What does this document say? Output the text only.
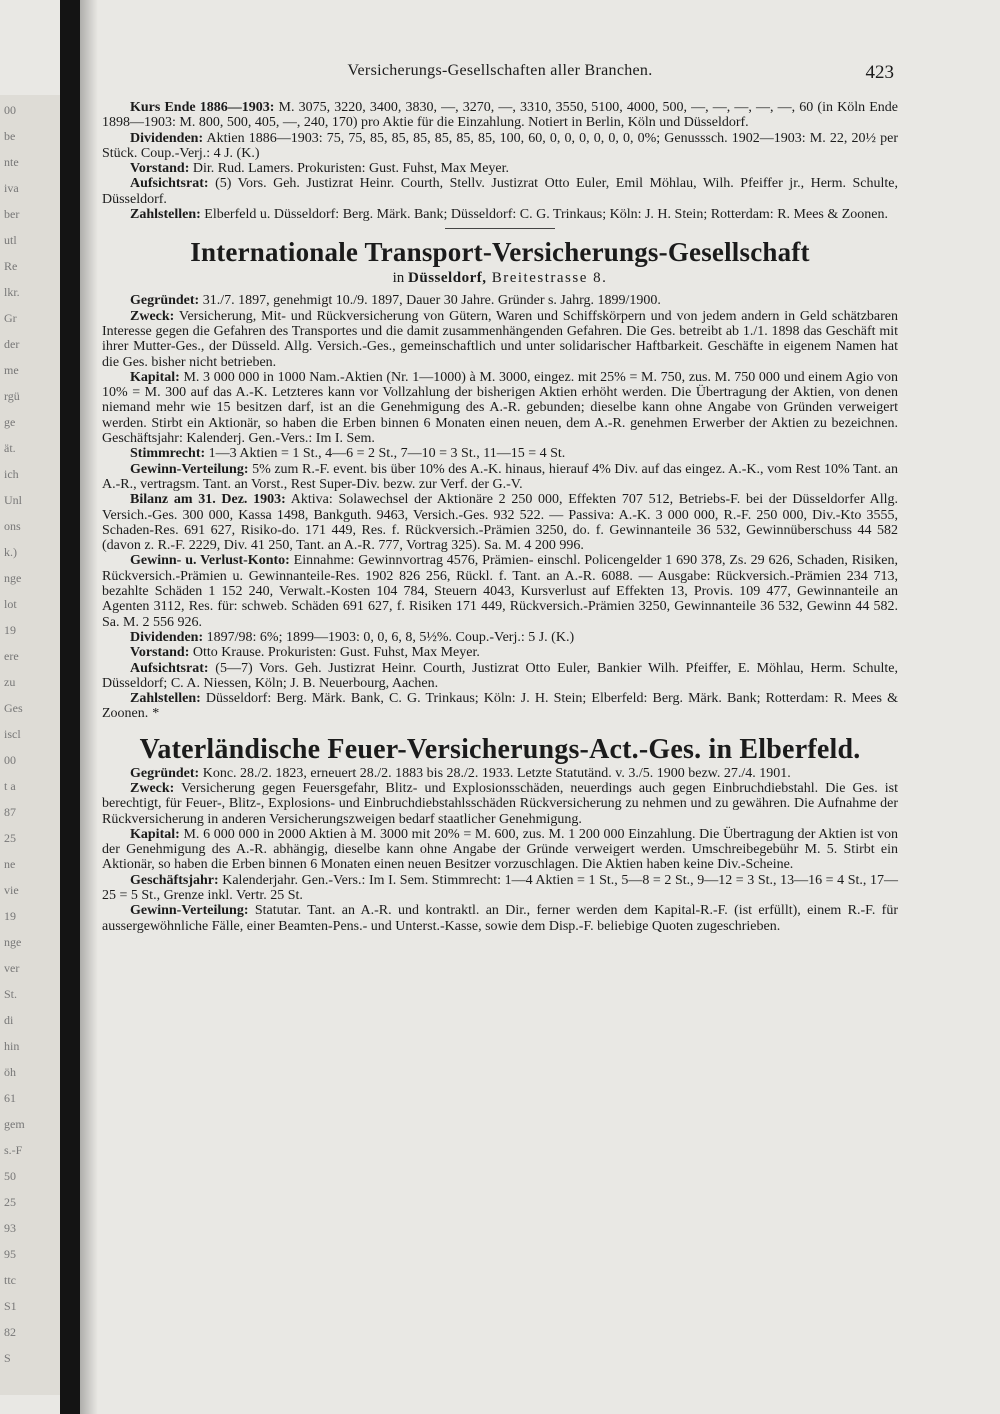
00
be
nte
iva
ber
utl
Re
lkr.
Gr
der
me
rgü
ge
ät.
ich
Unl
ons
k.)
nge
lot
19
ere
zu
Ges
iscl
00
t a
87
25
ne
vie
19
nge
ver
St.
di
hin
öh
61
gem
s.-F
50
25
93
95
ttc
S1
82
S
Versicherungs-Gesellschaften aller Branchen.	423

Kurs Ende 1886—1903: M. 3075, 3220, 3400, 3830, —, 3270, —, 3310, 3550, 5100, 4000, 500, —, —, —, —, —, 60 (in Köln Ende 1898—1903: M. 800, 500, 405, —, 240, 170) pro Aktie für die Einzahlung. Notiert in Berlin, Köln und Düsseldorf.

Dividenden: Aktien 1886—1903: 75, 75, 85, 85, 85, 85, 85, 85, 100, 60, 0, 0, 0, 0, 0, 0, 0%; Genusssch. 1902—1903: M. 22, 20½ per Stück. Coup.-Verj.: 4 J. (K.)

Vorstand: Dir. Rud. Lamers. Prokuristen: Gust. Fuhst, Max Meyer.

Aufsichtsrat: (5) Vors. Geh. Justizrat Heinr. Courth, Stellv. Justizrat Otto Euler, Emil Möhlau, Wilh. Pfeiffer jr., Herm. Schulte, Düsseldorf.

Zahlstellen: Elberfeld u. Düsseldorf: Berg. Märk. Bank; Düsseldorf: C. G. Trinkaus; Köln: J. H. Stein; Rotterdam: R. Mees & Zoonen.

Internationale Transport-Versicherungs-Gesellschaft
in Düsseldorf, Breitestrasse 8.

Gegründet: 31./7. 1897, genehmigt 10./9. 1897, Dauer 30 Jahre. Gründer s. Jahrg. 1899/1900.

Zweck: Versicherung, Mit- und Rückversicherung von Gütern, Waren und Schiffskörpern und von jedem andern in Geld schätzbaren Interesse gegen die Gefahren des Transportes und die damit zusammenhängenden Gefahren. Die Ges. betreibt ab 1./1. 1898 das Geschäft mit ihrer Mutter-Ges., der Düsseld. Allg. Versich.-Ges., gemeinschaftlich und unter solidarischer Haftbarkeit. Geschäfte in eigenem Namen hat die Ges. bisher nicht betrieben.

Kapital: M. 3 000 000 in 1000 Nam.-Aktien (Nr. 1—1000) à M. 3000, eingez. mit 25% = M. 750, zus. M. 750 000 und einem Agio von 10% = M. 300 auf das A.-K. Letzteres kann vor Vollzahlung der bisherigen Aktien erhöht werden. Die Übertragung der Aktien, von denen niemand mehr wie 15 besitzen darf, ist an die Genehmigung des A.-R. gebunden; dieselbe kann ohne Angabe von Gründen verweigert werden. Stirbt ein Aktionär, so haben die Erben binnen 6 Monaten einen neuen, dem A.-R. genehmen Erwerber der Aktien zu bezeichnen. Geschäftsjahr: Kalenderj. Gen.-Vers.: Im I. Sem.

Stimmrecht: 1—3 Aktien = 1 St., 4—6 = 2 St., 7—10 = 3 St., 11—15 = 4 St.

Gewinn-Verteilung: 5% zum R.-F. event. bis über 10% des A.-K. hinaus, hierauf 4% Div. auf das eingez. A.-K., vom Rest 10% Tant. an A.-R., vertragsm. Tant. an Vorst., Rest Super-Div. bezw. zur Verf. der G.-V.

Bilanz am 31. Dez. 1903: Aktiva: Solawechsel der Aktionäre 2 250 000, Effekten 707 512, Betriebs-F. bei der Düsseldorfer Allg. Versich.-Ges. 300 000, Kassa 1498, Bankguth. 9463, Versich.-Ges. 932 522. — Passiva: A.-K. 3 000 000, R.-F. 250 000, Div.-Kto 3555, Schaden-Res. 691 627, Risiko-do. 171 449, Res. f. Rückversich.-Prämien 3250, do. f. Gewinnanteile 36 532, Gewinnüberschuss 44 582 (davon z. R.-F. 2229, Div. 41 250, Tant. an A.-R. 777, Vortrag 325). Sa. M. 4 200 996.

Gewinn- u. Verlust-Konto: Einnahme: Gewinnvortrag 4576, Prämien- einschl. Policengelder 1 690 378, Zs. 29 626, Schaden, Risiken, Rückversich.-Prämien u. Gewinnanteile-Res. 1902 826 256, Rückl. f. Tant. an A.-R. 6088. — Ausgabe: Rückversich.-Prämien 234 713, bezahlte Schäden 1 152 240, Verwalt.-Kosten 104 784, Steuern 4043, Kursverlust auf Effekten 13, Provis. 109 477, Gewinnanteile an Agenten 3112, Res. für: schweb. Schäden 691 627, f. Risiken 171 449, Rückversich.-Prämien 3250, Gewinnanteile 36 532, Gewinn 44 582. Sa. M. 2 556 926.

Dividenden: 1897/98: 6%; 1899—1903: 0, 0, 6, 8, 5½%. Coup.-Verj.: 5 J. (K.)

Vorstand: Otto Krause. Prokuristen: Gust. Fuhst, Max Meyer.

Aufsichtsrat: (5—7) Vors. Geh. Justizrat Heinr. Courth, Justizrat Otto Euler, Bankier Wilh. Pfeiffer, E. Möhlau, Herm. Schulte, Düsseldorf; C. A. Niessen, Köln; J. B. Neuerbourg, Aachen.

Zahlstellen: Düsseldorf: Berg. Märk. Bank, C. G. Trinkaus; Köln: J. H. Stein; Elberfeld: Berg. Märk. Bank; Rotterdam: R. Mees & Zoonen. *

Vaterländische Feuer-Versicherungs-Act.-Ges. in Elberfeld.

Gegründet: Konc. 28./2. 1823, erneuert 28./2. 1883 bis 28./2. 1933. Letzte Statutänd. v. 3./5. 1900 bezw. 27./4. 1901.

Zweck: Versicherung gegen Feuersgefahr, Blitz- und Explosionsschäden, neuerdings auch gegen Einbruchdiebstahl. Die Ges. ist berechtigt, für Feuer-, Blitz-, Explosions- und Einbruchdiebstahlsschäden Rückversicherung zu nehmen und zu gewähren. Die Aufnahme der Rückversicherung in anderen Versicherungszweigen bedarf staatlicher Genehmigung.

Kapital: M. 6 000 000 in 2000 Aktien à M. 3000 mit 20% = M. 600, zus. M. 1 200 000 Einzahlung. Die Übertragung der Aktien ist von der Genehmigung des A.-R. abhängig, dieselbe kann ohne Angabe der Gründe verweigert werden. Umschreibegebühr M. 5. Stirbt ein Aktionär, so haben die Erben binnen 6 Monaten einen neuen Besitzer vorzuschlagen. Die Aktien haben keine Div.-Scheine.

Geschäftsjahr: Kalenderjahr. Gen.-Vers.: Im I. Sem. Stimmrecht: 1—4 Aktien = 1 St., 5—8 = 2 St., 9—12 = 3 St., 13—16 = 4 St., 17—25 = 5 St., Grenze inkl. Vertr. 25 St.

Gewinn-Verteilung: Statutar. Tant. an A.-R. und kontraktl. an Dir., ferner werden dem Kapital-R.-F. (ist erfüllt), einem R.-F. für aussergewöhnliche Fälle, einer Beamten-Pens.- und Unterst.-Kasse, sowie dem Disp.-F. beliebige Quoten zugeschrieben.
